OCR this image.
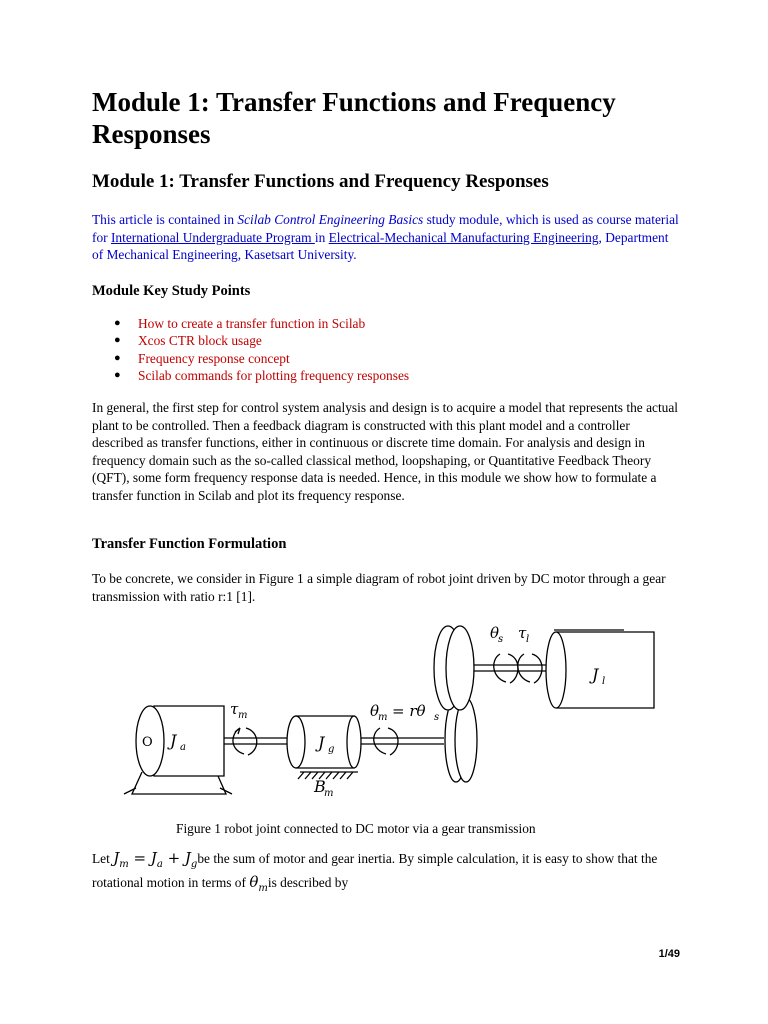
Module 1: Transfer Functions and Frequency Responses
Module 1: Transfer Functions and Frequency Responses

This article is contained in Scilab Control Engineering Basics study module, which is used as course material for International Undergraduate Program in Electrical-Mechanical Manufacturing Engineering, Department of Mechanical Engineering, Kasetsart University.

Module Key Study Points
● How to create a transfer function in Scilab
● Xcos CTR block usage
● Frequency response concept
● Scilab commands for plotting frequency responses

In general, the first step for control system analysis and design is to acquire a model that represents the actual plant to be controlled. Then a feedback diagram is constructed with this plant model and a controller described as transfer functions, either in continuous or discrete time domain. For analysis and design in frequency domain such as the so-called classical method, loopshaping, or Quantitative Feedback Theory (QFT), some form frequency response data is needed. Hence, in this module we show how to formulate a transfer function in Scilab and plot its frequency response.

Transfer Function Formulation

To be concrete, we consider in Figure 1 a simple diagram of robot joint driven by DC motor through a gear transmission with ratio r:1 [1].

O J a	J g
J l
τ m
B
m
θ
m = rθ s
θ
s τ l

Figure 1 robot joint connected to DC motor via a gear transmission

Let $J_m = J_a + J_gbe$ the sum of motor and gear inertia. By simple calculation, it is easy to show that the rotational motion in terms of $\theta_mis$ described by

1/49
